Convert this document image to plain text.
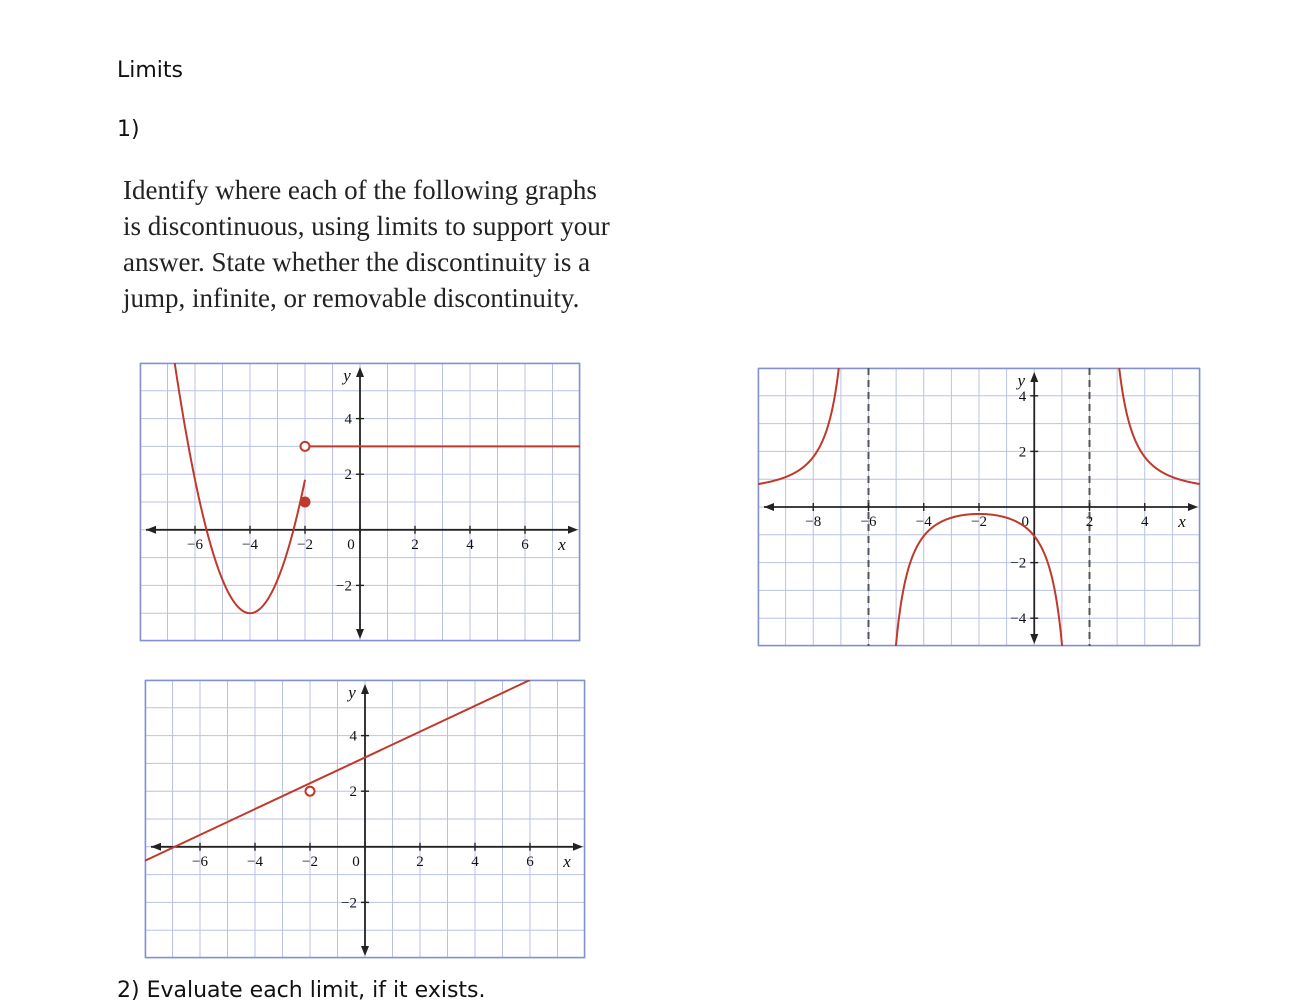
Limits

1)

Identify where each of the following graphs
is discontinuous, using limits to support your
answer. State whether the discontinuity is a
jump, infinite, or removable discontinuity.

x
y
−6	−4	−2 0	2	4	6
4
2
−2
x
y
−6	−4	−2 0	2	4	6
4
2
−2
x
y
−8	−6	−4	−2 0	2	4
4
2
−2
−4

2) Evaluate each limit, if it exists.
